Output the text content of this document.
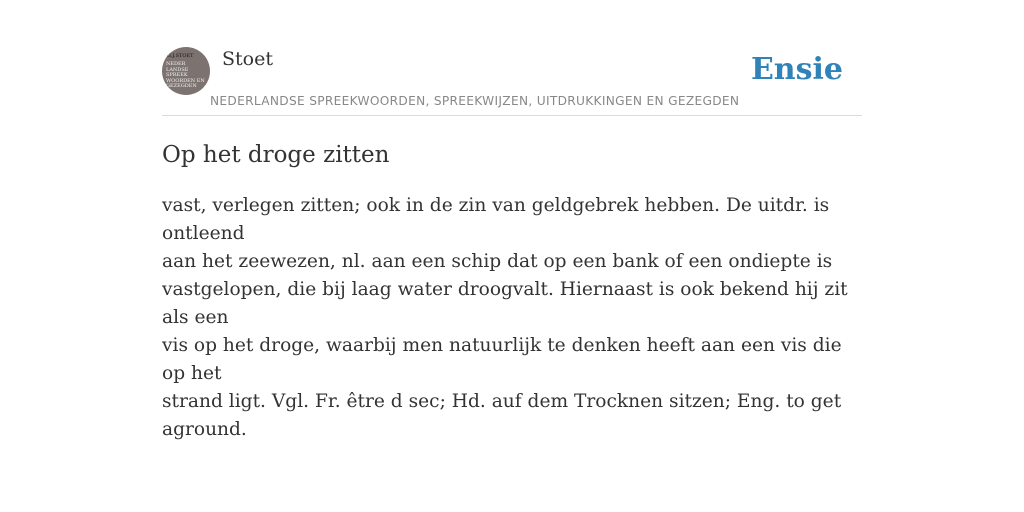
G.J.STOET
NEDER
LANDSE
SPREEK
WOORDEN EN
GEZEGDEN
Stoet
NEDERLANDSE SPREEKWOORDEN, SPREEKWIJZEN, UITDRUKKINGEN EN GEZEGDEN
Ensie
Op het droge zitten

vast, verlegen zitten; ook in de zin van geldgebrek hebben. De uitdr. is ontleend
aan het zeewezen, nl. aan een schip dat op een bank of een ondiepte is
vastgelopen, die bij laag water droogvalt. Hiernaast is ook bekend hij zit als een
vis op het droge, waarbij men natuurlijk te denken heeft aan een vis die op het
strand ligt. Vgl. Fr. être d sec; Hd. auf dem Trocknen sitzen; Eng. to get aground.
